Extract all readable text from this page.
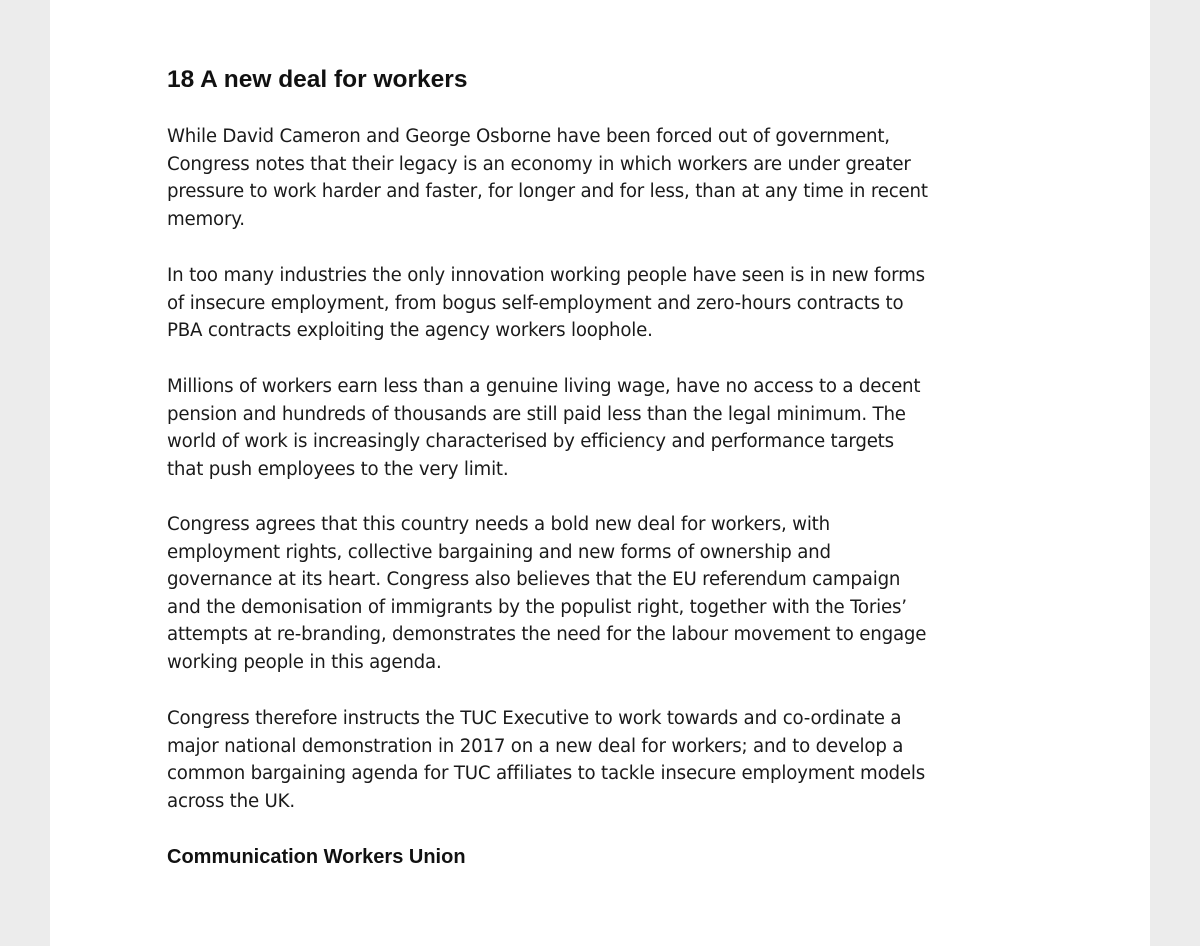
18 A new deal for workers

While David Cameron and George Osborne have been forced out of government,
Congress notes that their legacy is an economy in which workers are under greater
pressure to work harder and faster, for longer and for less, than at any time in recent
memory.

In too many industries the only innovation working people have seen is in new forms
of insecure employment, from bogus self-employment and zero-hours contracts to
PBA contracts exploiting the agency workers loophole.

Millions of workers earn less than a genuine living wage, have no access to a decent
pension and hundreds of thousands are still paid less than the legal minimum. The
world of work is increasingly characterised by efficiency and performance targets
that push employees to the very limit.

Congress agrees that this country needs a bold new deal for workers, with
employment rights, collective bargaining and new forms of ownership and
governance at its heart. Congress also believes that the EU referendum campaign
and the demonisation of immigrants by the populist right, together with the Tories’
attempts at re-branding, demonstrates the need for the labour movement to engage
working people in this agenda.

Congress therefore instructs the TUC Executive to work towards and co-ordinate a
major national demonstration in 2017 on a new deal for workers; and to develop a
common bargaining agenda for TUC affiliates to tackle insecure employment models
across the UK.

Communication Workers Union
